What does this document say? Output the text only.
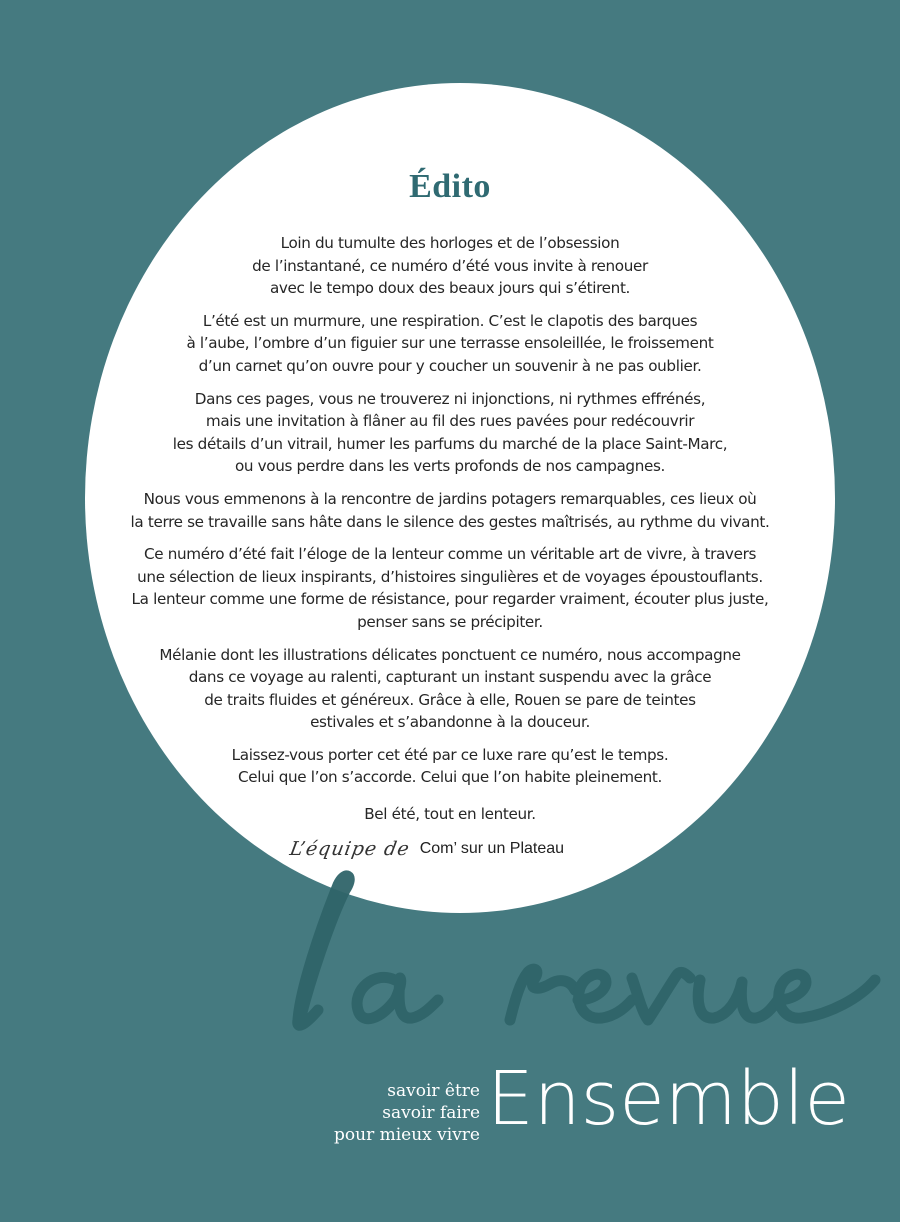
Édito

Loin du tumulte des horloges et de l’obsession
de l’instantané, ce numéro d’été vous invite à renouer
avec le tempo doux des beaux jours qui s’étirent.

L’été est un murmure, une respiration. C’est le clapotis des barques
à l’aube, l’ombre d’un figuier sur une terrasse ensoleillée, le froissement
d’un carnet qu’on ouvre pour y coucher un souvenir à ne pas oublier.

Dans ces pages, vous ne trouverez ni injonctions, ni rythmes effrénés,
mais une invitation à flâner au fil des rues pavées pour redécouvrir
les détails d’un vitrail, humer les parfums du marché de la place Saint-Marc,
ou vous perdre dans les verts profonds de nos campagnes.

Nous vous emmenons à la rencontre de jardins potagers remarquables, ces lieux où
la terre se travaille sans hâte dans le silence des gestes maîtrisés, au rythme du vivant.

Ce numéro d’été fait l’éloge de la lenteur comme un véritable art de vivre, à travers
une sélection de lieux inspirants, d’histoires singulières et de voyages époustouflants.
La lenteur comme une forme de résistance, pour regarder vraiment, écouter plus juste,
penser sans se précipiter.

Mélanie dont les illustrations délicates ponctuent ce numéro, nous accompagne
dans ce voyage au ralenti, capturant un instant suspendu avec la grâce
de traits fluides et généreux. Grâce à elle, Rouen se pare de teintes
estivales et s’abandonne à la douceur.

Laissez-vous porter cet été par ce luxe rare qu’est le temps.
Celui que l’on s’accorde. Celui que l’on habite pleinement.

Bel été, tout en lenteur.
L’équipe de Com’ sur un Plateau
savoir être
savoir faire
pour mieux vivre Ensemble
